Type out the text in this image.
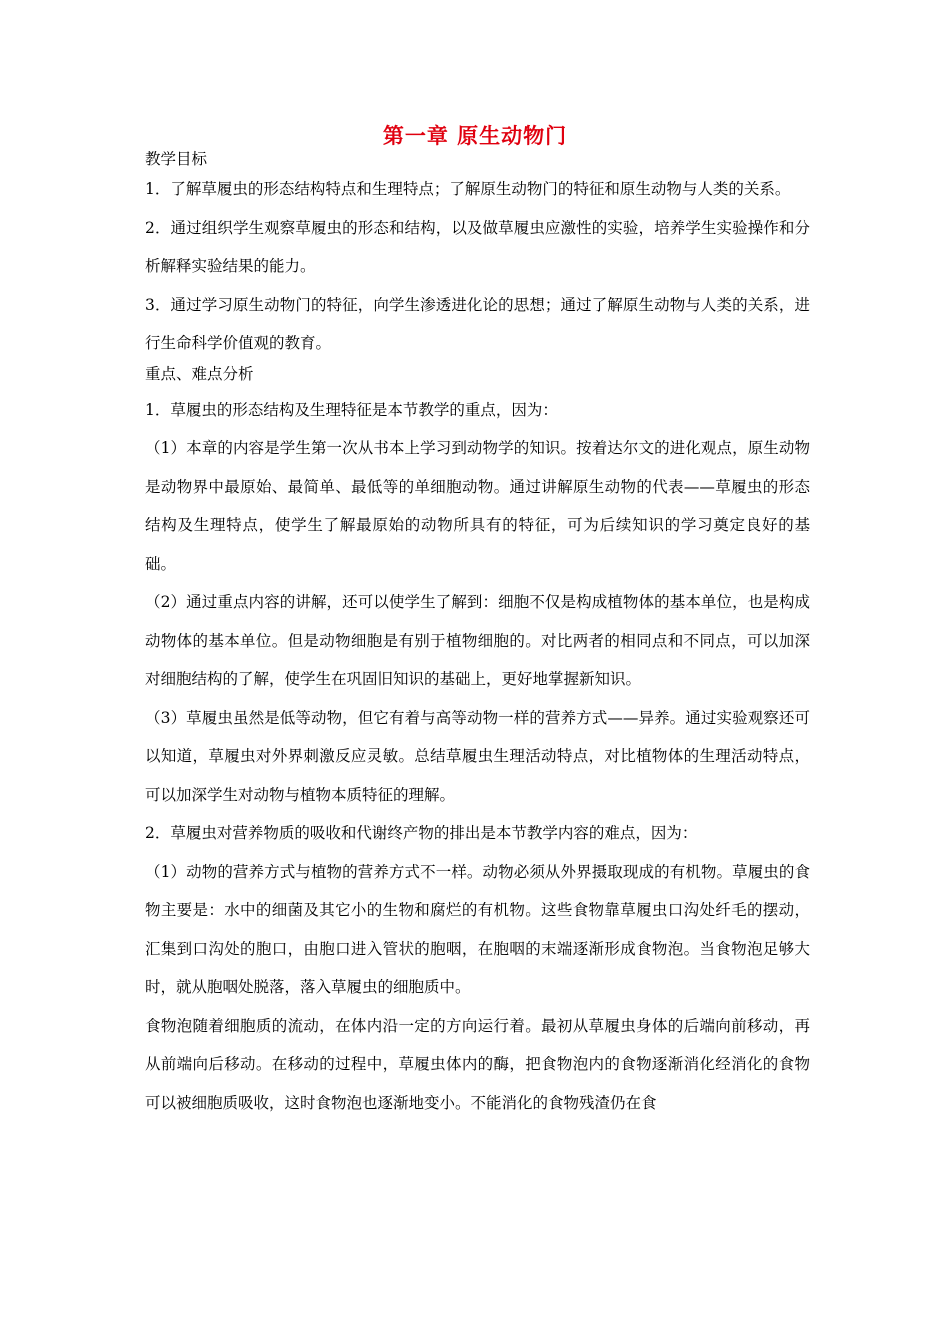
第一章 原生动物门
教学目标

1．了解草履虫的形态结构特点和生理特点；了解原生动物门的特征和原生动物与人类的关系。

2．通过组织学生观察草履虫的形态和结构，以及做草履虫应激性的实验，培养学生实验操作和分析解释实验结果的能力。

3．通过学习原生动物门的特征，向学生渗透进化论的思想；通过了解原生动物与人类的关系，进行生命科学价值观的教育。

重点、难点分析

1．草履虫的形态结构及生理特征是本节教学的重点，因为：

（1）本章的内容是学生第一次从书本上学习到动物学的知识。按着达尔文的进化观点，原生动物是动物界中最原始、最简单、最低等的单细胞动物。通过讲解原生动物的代表——草履虫的形态结构及生理特点，使学生了解最原始的动物所具有的特征，可为后续知识的学习奠定良好的基础。

（2）通过重点内容的讲解，还可以使学生了解到：细胞不仅是构成植物体的基本单位，也是构成动物体的基本单位。但是动物细胞是有别于植物细胞的。对比两者的相同点和不同点，可以加深对细胞结构的了解，使学生在巩固旧知识的基础上，更好地掌握新知识。

（3）草履虫虽然是低等动物，但它有着与高等动物一样的营养方式——异养。通过实验观察还可以知道，草履虫对外界刺激反应灵敏。总结草履虫生理活动特点，对比植物体的生理活动特点，可以加深学生对动物与植物本质特征的理解。

2．草履虫对营养物质的吸收和代谢终产物的排出是本节教学内容的难点，因为：

（1）动物的营养方式与植物的营养方式不一样。动物必须从外界摄取现成的有机物。草履虫的食物主要是：水中的细菌及其它小的生物和腐烂的有机物。这些食物靠草履虫口沟处纤毛的摆动，汇集到口沟处的胞口，由胞口进入管状的胞咽，在胞咽的末端逐渐形成食物泡。当食物泡足够大时，就从胞咽处脱落，落入草履虫的细胞质中。

食物泡随着细胞质的流动，在体内沿一定的方向运行着。最初从草履虫身体的后端向前移动，再从前端向后移动。在移动的过程中，草履虫体内的酶，把食物泡内的食物逐渐消化经消化的食物可以被细胞质吸收，这时食物泡也逐渐地变小。不能消化的食物残渣仍在食
